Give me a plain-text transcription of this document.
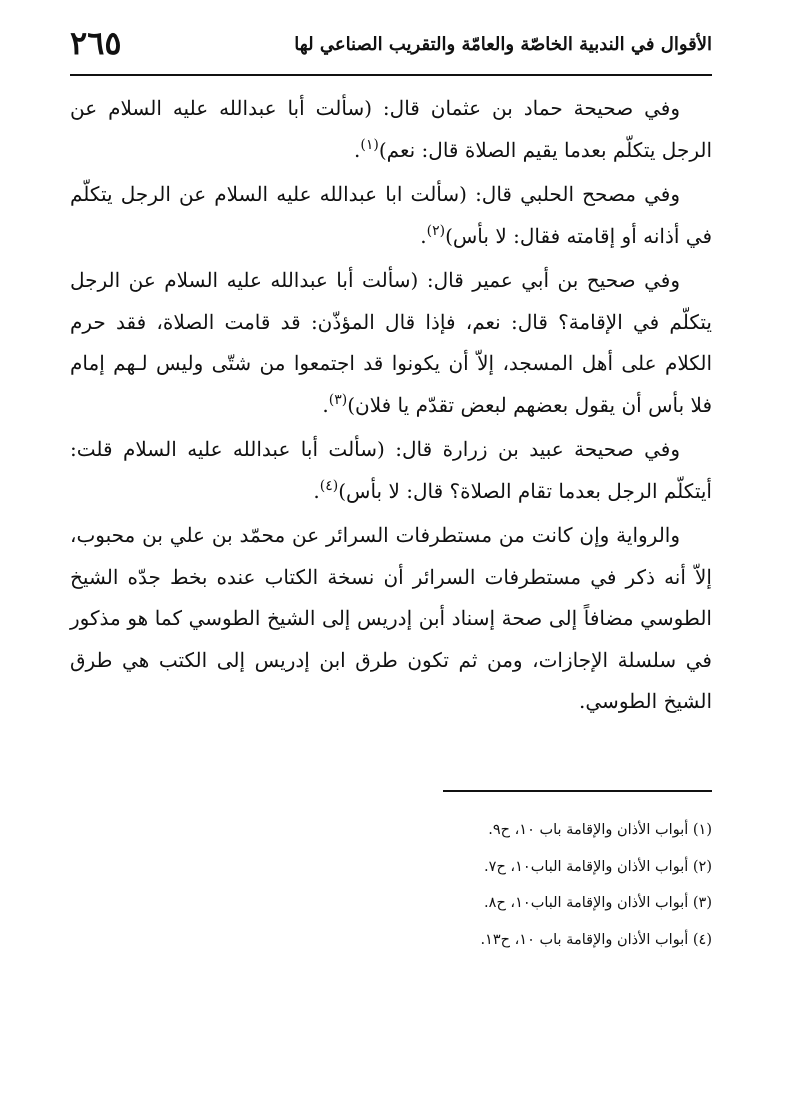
الأقوال في الندبية الخاصّة والعامّة والتقريب الصناعي لها
٢٦٥

وفي صحيحة حماد بن عثمان قال: (سألت أبا عبدالله عليه السلام عن الرجل يتكلّم بعدما يقيم الصلاة قال: نعم)$^{(١)}$.

وفي مصحح الحلبي قال: (سألت ابا عبدالله عليه السلام عن الرجل يتكلّم في أذانه أو إقامته فقال: لا بأس)$^{(٢)}$.

وفي صحيح بن أبي عمير قال: (سألت أبا عبدالله عليه السلام عن الرجل يتكلّم في الإقامة؟ قال: نعم، فإذا قال المؤذّن: قد قامت الصلاة، فقد حرم الكلام على أهل المسجد، إلاّ أن يكونوا قد اجتمعوا من شتّى وليس لـهم إمام فلا بأس أن يقول بعضهم لبعض تقدّم يا فلان)$^{(٣)}$.

وفي صحيحة عبيد بن زرارة قال: (سألت أبا عبدالله عليه السلام قلت: أيتكلّم الرجل بعدما تقام الصلاة؟ قال: لا بأس)$^{(٤)}$.

والرواية وإن كانت من مستطرفات السرائر عن محمّد بن علي بن محبوب، إلاّ أنه ذكر في مستطرفات السرائر أن نسخة الكتاب عنده بخط جدّه الشيخ الطوسي مضافاً إلى صحة إسناد أبن إدريس إلى الشيخ الطوسي كما هو مذكور في سلسلة الإجازات، ومن ثم تكون طرق ابن إدريس إلى الكتب هي طرق الشيخ الطوسي.

(١) أبواب الأذان والإقامة باب ١٠، ح٩.
(٢) أبواب الأذان والإقامة الباب١٠، ح٧.
(٣) أبواب الأذان والإقامة الباب١٠، ح٨.
(٤) أبواب الأذان والإقامة باب ١٠، ح١٣.
